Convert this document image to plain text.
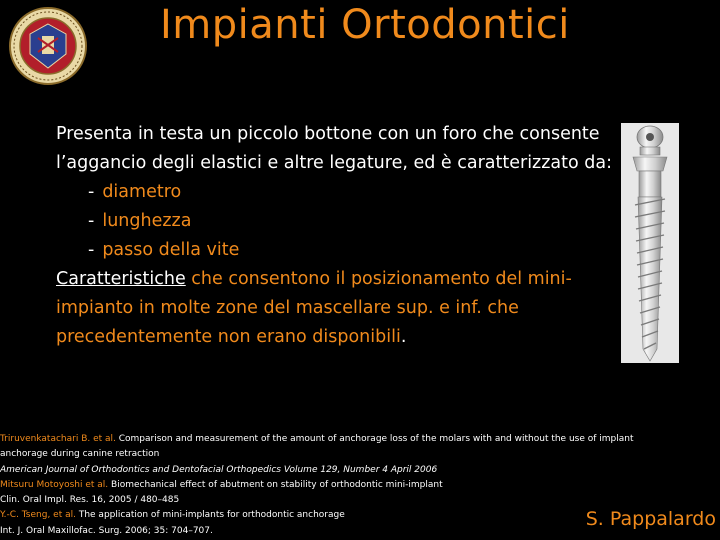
Impianti Ortodontici

Presenta in testa un piccolo bottone con un foro che consente l’aggancio degli elastici e altre legature, ed è caratterizzato da:

- diametro
- lunghezza
- passo della vite

Caratteristiche che consentono il posizionamento del mini-impianto in molte zone del mascellare sup. e inf. che precedentemente non erano disponibili.

Triruvenkatachari B. et al. Comparison and measurement of the amount of anchorage loss of the molars with and without the use of implant
anchorage during canine retraction
American Journal of Orthodontics and Dentofacial Orthopedics Volume 129, Number 4 April 2006
Mitsuru Motoyoshi et al. Biomechanical effect of abutment on stability of orthodontic mini-implant
Clin. Oral Impl. Res. 16, 2005 / 480–485
Y.-C. Tseng, et al. The application of mini-implants for orthodontic anchorage
Int. J. Oral Maxillofac. Surg. 2006; 35: 704–707.
S. Pappalardo
